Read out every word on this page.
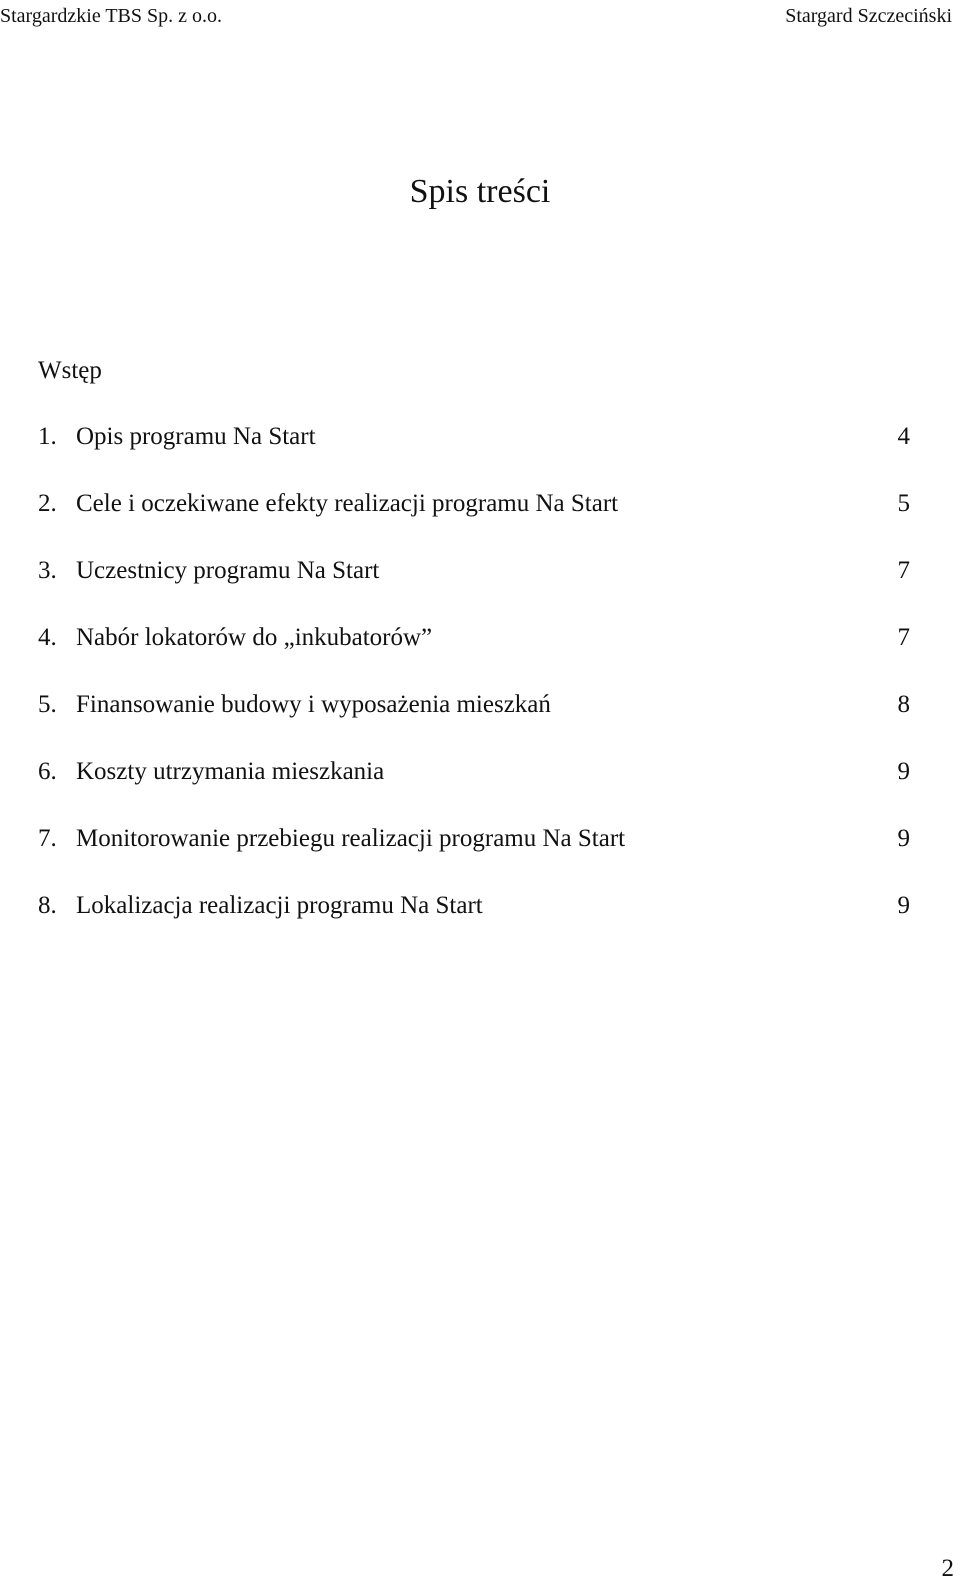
Stargardzkie TBS Sp. z o.o.	Stargard Szczeciński
Spis treści
Wstęp
1. Opis programu Na Start	4
2. Cele i oczekiwane efekty realizacji programu Na Start	5
3. Uczestnicy programu Na Start	7
4. Nabór lokatorów do „inkubatorów”	7
5. Finansowanie budowy i wyposażenia mieszkań	8
6. Koszty utrzymania mieszkania	9
7. Monitorowanie przebiegu realizacji programu Na Start	9
8. Lokalizacja realizacji programu Na Start	9
2
